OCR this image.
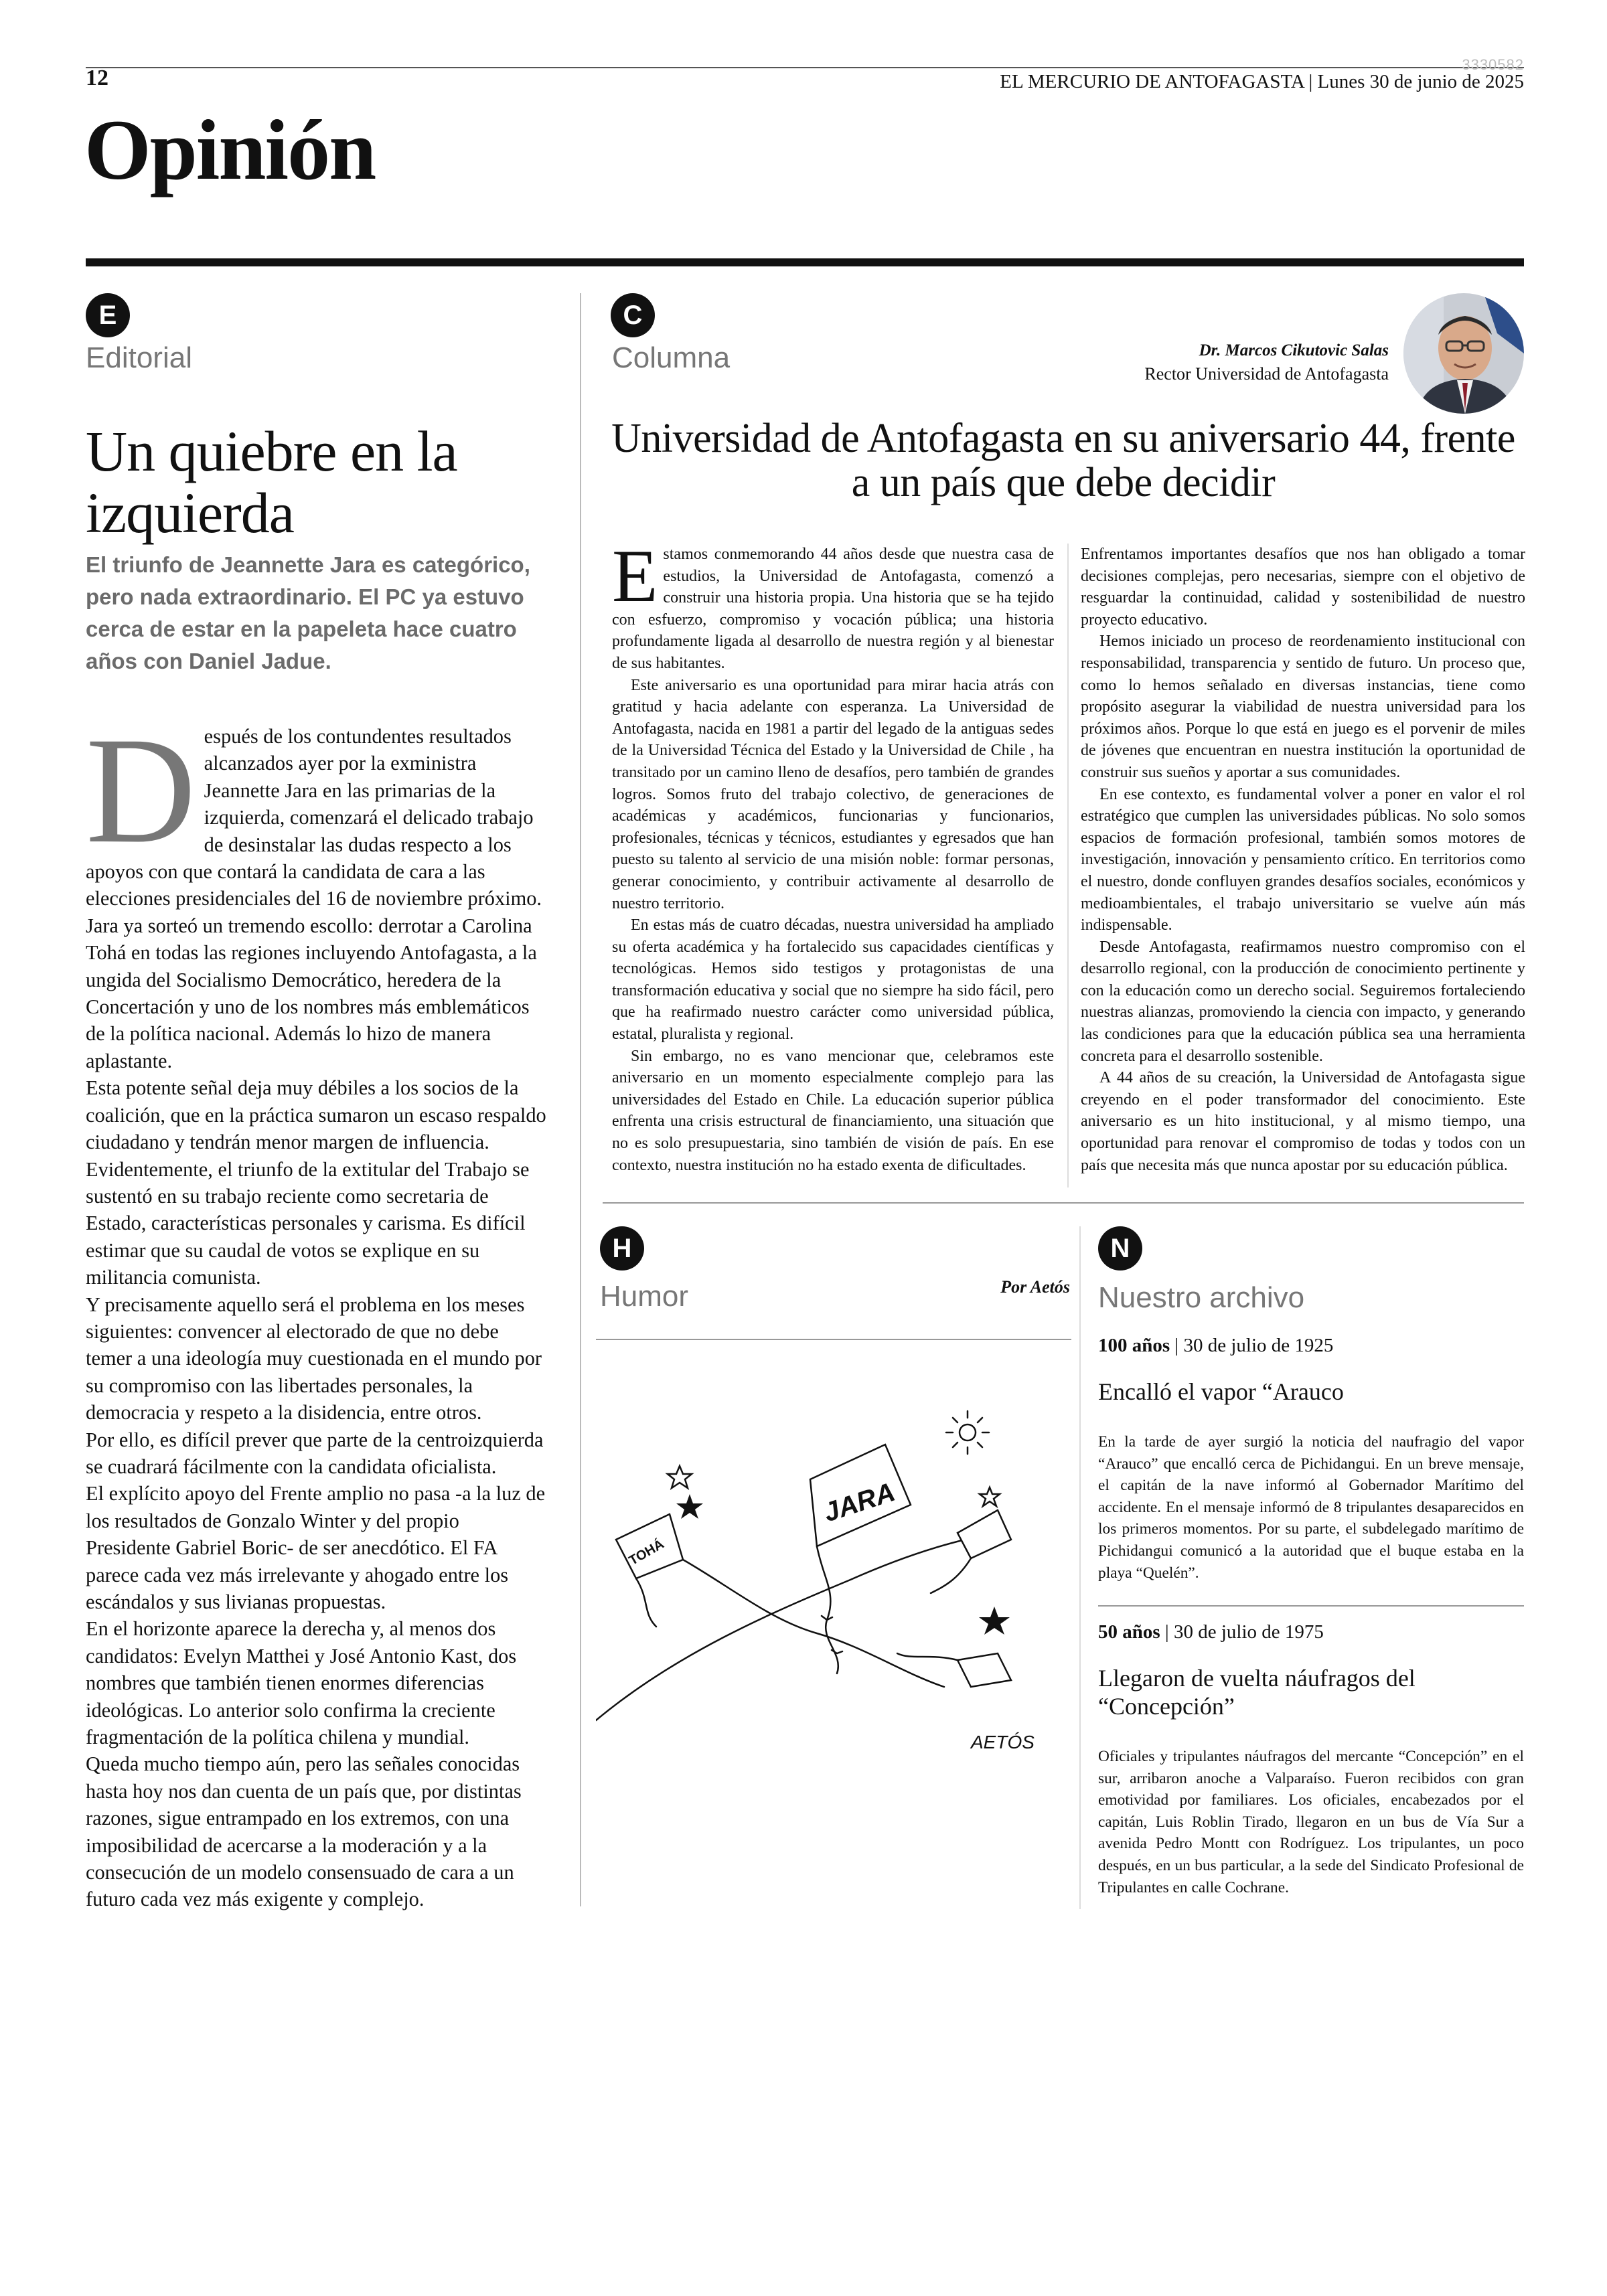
12
3330582
EL MERCURIO DE ANTOFAGASTA | Lunes 30 de junio de 2025
Opinión
E
Editorial
Un quiebre en la izquierda
El triunfo de Jeannette Jara es categórico, pero nada extraordinario. El PC ya estuvo cerca de estar en la papeleta hace cuatro años con Daniel Jadue.

Después de los contundentes resultados alcanzados ayer por la exministra Jeannette Jara en las primarias de la izquierda, comenzará el delicado trabajo de desinstalar las dudas respecto a los apoyos con que contará la candidata de cara a las elecciones presidenciales del 16 de noviembre próximo.

Jara ya sorteó un tremendo escollo: derrotar a Carolina Tohá en todas las regiones incluyendo Antofagasta, a la ungida del Socialismo Democrático, heredera de la Concertación y uno de los nombres más emblemáticos de la política nacional. Además lo hizo de manera aplastante.

Esta potente señal deja muy débiles a los socios de la coalición, que en la práctica sumaron un escaso respaldo ciudadano y tendrán menor margen de influencia.

Evidentemente, el triunfo de la extitular del Trabajo se sustentó en su trabajo reciente como secretaria de Estado, características personales y carisma. Es difícil estimar que su caudal de votos se explique en su militancia comunista.

Y precisamente aquello será el problema en los meses siguientes: convencer al electorado de que no debe temer a una ideología muy cuestionada en el mundo por su compromiso con las libertades personales, la democracia y respeto a la disidencia, entre otros.

Por ello, es difícil prever que parte de la centroizquierda se cuadrará fácilmente con la candidata oficialista.

El explícito apoyo del Frente amplio no pasa -a la luz de los resultados de Gonzalo Winter y del propio Presidente Gabriel Boric- de ser anecdótico. El FA parece cada vez más irrelevante y ahogado entre los escándalos y sus livianas propuestas.

En el horizonte aparece la derecha y, al menos dos candidatos: Evelyn Matthei y José Antonio Kast, dos nombres que también tienen enormes diferencias ideológicas. Lo anterior solo confirma la creciente fragmentación de la política chilena y mundial.

Queda mucho tiempo aún, pero las señales conocidas hasta hoy nos dan cuenta de un país que, por distintas razones, sigue entrampado en los extremos, con una imposibilidad de acercarse a la moderación y a la consecución de un modelo consensuado de cara a un futuro cada vez más exigente y complejo.

C
Columna	Dr. Marcos Cikutovic Salas
Rector Universidad de Antofagasta
Universidad de Antofagasta en su aniversario 44, frente a un país que debe decidir

Estamos conmemorando 44 años desde que nuestra casa de estudios, la Universidad de Antofagasta, comenzó a construir una historia propia. Una historia que se ha tejido con esfuerzo, compromiso y vocación pública; una historia profundamente ligada al desarrollo de nuestra región y al bienestar de sus habitantes.

Este aniversario es una oportunidad para mirar hacia atrás con gratitud y hacia adelante con esperanza. La Universidad de Antofagasta, nacida en 1981 a partir del legado de la antiguas sedes de la Universidad Técnica del Estado y la Universidad de Chile , ha transitado por un camino lleno de desafíos, pero también de grandes logros. Somos fruto del trabajo colectivo, de generaciones de académicas y académicos, funcionarias y funcionarios, profesionales, técnicas y técnicos, estudiantes y egresados que han puesto su talento al servicio de una misión noble: formar personas, generar conocimiento, y contribuir activamente al desarrollo de nuestro territorio.

En estas más de cuatro décadas, nuestra universidad ha ampliado su oferta académica y ha fortalecido sus capacidades científicas y tecnológicas. Hemos sido testigos y protagonistas de una transformación educativa y social que no siempre ha sido fácil, pero que ha reafirmado nuestro carácter como universidad pública, estatal, pluralista y regional.

Sin embargo, no es vano mencionar que, celebramos este aniversario en un momento especialmente complejo para las universidades del Estado en Chile. La educación superior pública enfrenta una crisis estructural de financiamiento, una situación que no es solo presupuestaria, sino también de visión de país. En ese contexto, nuestra institución no ha estado exenta de dificultades.

Enfrentamos importantes desafíos que nos han obligado a tomar decisiones complejas, pero necesarias, siempre con el objetivo de resguardar la continuidad, calidad y sostenibilidad de nuestro proyecto educativo.

Hemos iniciado un proceso de reordenamiento institucional con responsabilidad, transparencia y sentido de futuro. Un proceso que, como lo hemos señalado en diversas instancias, tiene como propósito asegurar la viabilidad de nuestra universidad para los próximos años. Porque lo que está en juego es el porvenir de miles de jóvenes que encuentran en nuestra institución la oportunidad de construir sus sueños y aportar a sus comunidades.

En ese contexto, es fundamental volver a poner en valor el rol estratégico que cumplen las universidades públicas. No solo somos espacios de formación profesional, también somos motores de investigación, innovación y pensamiento crítico. En territorios como el nuestro, donde confluyen grandes desafíos sociales, económicos y medioambientales, el trabajo universitario se vuelve aún más indispensable.

Desde Antofagasta, reafirmamos nuestro compromiso con el desarrollo regional, con la producción de conocimiento pertinente y con la educación como un derecho social. Seguiremos fortaleciendo nuestras alianzas, promoviendo la ciencia con impacto, y generando las condiciones para que la educación pública sea una herramienta concreta para el desarrollo sostenible.

A 44 años de su creación, la Universidad de Antofagasta sigue creyendo en el poder transformador del conocimiento. Este aniversario es un hito institucional, y al mismo tiempo, una oportunidad para renovar el compromiso de todas y todos con un país que necesita más que nunca apostar por su educación pública.

H
Humor	Por Aetós
JARA
TOHÁ
AETÓS
N
Nuestro archivo
100 años | 30 de julio de 1925
Encalló el vapor “Arauco
En la tarde de ayer surgió la noticia del naufragio del vapor “Arauco” que encalló cerca de Pichidangui. En un breve mensaje, el capitán de la nave informó al Gobernador Marítimo del accidente. En el mensaje informó de 8 tripulantes desaparecidos en los primeros momentos. Por su parte, el subdelegado marítimo de Pichidangui comunicó a la autoridad que el buque estaba en la playa “Quelén”.
50 años | 30 de julio de 1975
Llegaron de vuelta náufragos del “Concepción”
Oficiales y tripulantes náufragos del mercante “Concepción” en el sur, arribaron anoche a Valparaíso. Fueron recibidos con gran emotividad por familiares. Los oficiales, encabezados por el capitán, Luis Roblin Tirado, llegaron en un bus de Vía Sur a avenida Pedro Montt con Rodríguez. Los tripulantes, un poco después, en un bus particular, a la sede del Sindicato Profesional de Tripulantes en calle Cochrane.
